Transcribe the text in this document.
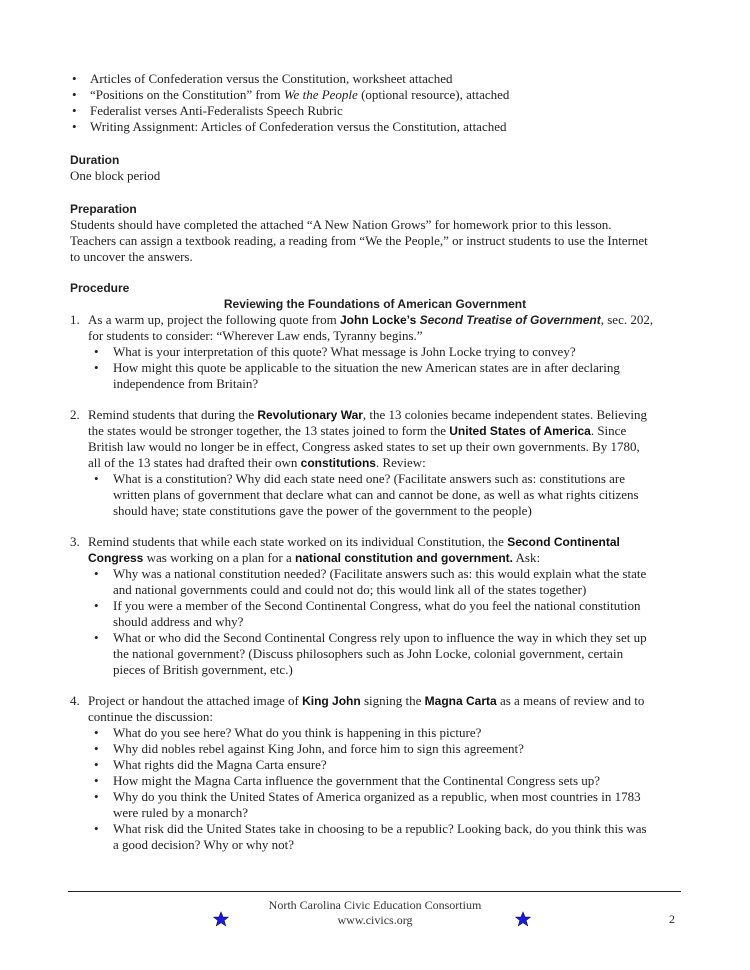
• Articles of Confederation versus the Constitution, worksheet attached
• “Positions on the Constitution” from We the People (optional resource), attached
• Federalist verses Anti-Federalists Speech Rubric
• Writing Assignment: Articles of Confederation versus the Constitution, attached
Duration
One block period
Preparation
Students should have completed the attached “A New Nation Grows” for homework prior to this lesson.
Teachers can assign a textbook reading, a reading from “We the People,” or instruct students to use the Internet
to uncover the answers.
Procedure
Reviewing the Foundations of American Government
1. As a warm up, project the following quote from John Locke’s Second Treatise of Government, sec. 202,
for students to consider: “Wherever Law ends, Tyranny begins.”
• What is your interpretation of this quote? What message is John Locke trying to convey?
• How might this quote be applicable to the situation the new American states are in after declaring
independence from Britain?
2. Remind students that during the Revolutionary War, the 13 colonies became independent states. Believing
the states would be stronger together, the 13 states joined to form the United States of America. Since
British law would no longer be in effect, Congress asked states to set up their own governments. By 1780,
all of the 13 states had drafted their own constitutions. Review:
• What is a constitution? Why did each state need one? (Facilitate answers such as: constitutions are
written plans of government that declare what can and cannot be done, as well as what rights citizens
should have; state constitutions gave the power of the government to the people)
3. Remind students that while each state worked on its individual Constitution, the Second Continental
Congress was working on a plan for a national constitution and government. Ask:
• Why was a national constitution needed? (Facilitate answers such as: this would explain what the state
and national governments could and could not do; this would link all of the states together)
• If you were a member of the Second Continental Congress, what do you feel the national constitution
should address and why?
• What or who did the Second Continental Congress rely upon to influence the way in which they set up
the national government? (Discuss philosophers such as John Locke, colonial government, certain
pieces of British government, etc.)
4. Project or handout the attached image of King John signing the Magna Carta as a means of review and to
continue the discussion:
• What do you see here? What do you think is happening in this picture?
• Why did nobles rebel against King John, and force him to sign this agreement?
• What rights did the Magna Carta ensure?
• How might the Magna Carta influence the government that the Continental Congress sets up?
• Why do you think the United States of America organized as a republic, when most countries in 1783
were ruled by a monarch?
• What risk did the United States take in choosing to be a republic? Looking back, do you think this was
a good decision? Why or why not?
North Carolina Civic Education Consortium
www.civics.org	2
